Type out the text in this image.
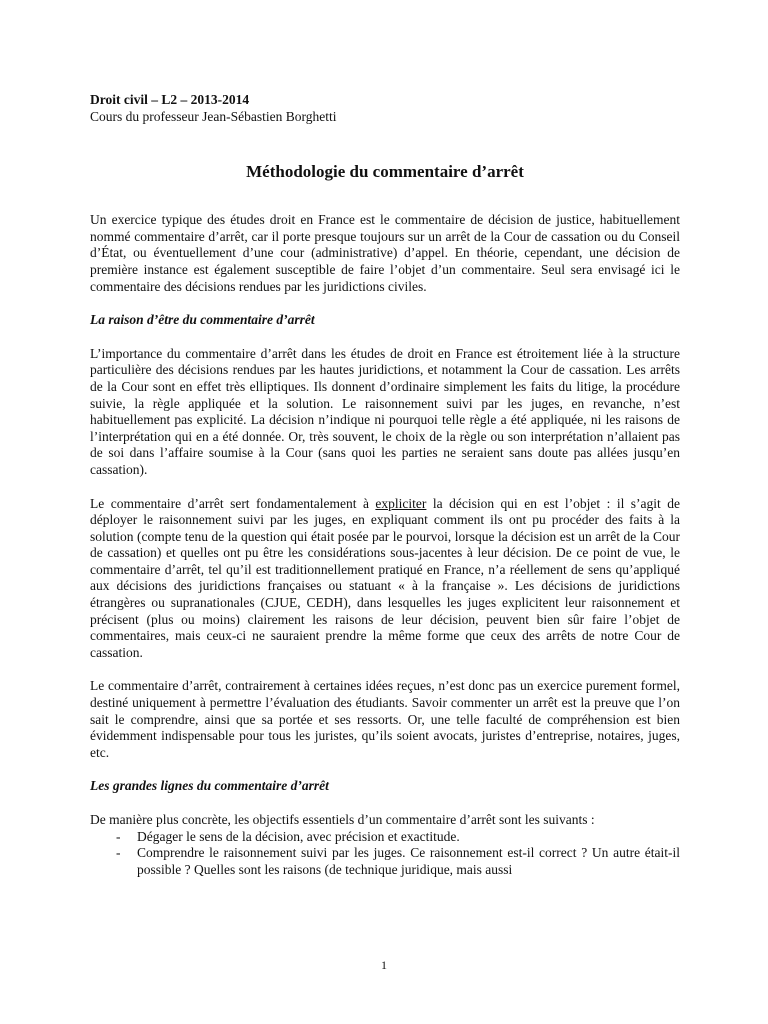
Droit civil – L2 – 2013-2014

Cours du professeur Jean-Sébastien Borghetti

Méthodologie du commentaire d’arrêt

Un exercice typique des études droit en France est le commentaire de décision de justice, habituellement nommé commentaire d’arrêt, car il porte presque toujours sur un arrêt de la Cour de cassation ou du Conseil d’État, ou éventuellement d’une cour (administrative) d’appel. En théorie, cependant, une décision de première instance est également susceptible de faire l’objet d’un commentaire. Seul sera envisagé ici le commentaire des décisions rendues par les juridictions civiles.

La raison d’être du commentaire d’arrêt

L’importance du commentaire d’arrêt dans les études de droit en France est étroitement liée à la structure particulière des décisions rendues par les hautes juridictions, et notamment la Cour de cassation. Les arrêts de la Cour sont en effet très elliptiques. Ils donnent d’ordinaire simplement les faits du litige, la procédure suivie, la règle appliquée et la solution. Le raisonnement suivi par les juges, en revanche, n’est habituellement pas explicité. La décision n’indique ni pourquoi telle règle a été appliquée, ni les raisons de l’interprétation qui en a été donnée. Or, très souvent, le choix de la règle ou son interprétation n’allaient pas de soi dans l’affaire soumise à la Cour (sans quoi les parties ne seraient sans doute pas allées jusqu’en cassation).

Le commentaire d’arrêt sert fondamentalement à expliciter la décision qui en est l’objet : il s’agit de déployer le raisonnement suivi par les juges, en expliquant comment ils ont pu procéder des faits à la solution (compte tenu de la question qui était posée par le pourvoi, lorsque la décision est un arrêt de la Cour de cassation) et quelles ont pu être les considérations sous-jacentes à leur décision. De ce point de vue, le commentaire d’arrêt, tel qu’il est traditionnellement pratiqué en France, n’a réellement de sens qu’appliqué aux décisions des juridictions françaises ou statuant « à la française ». Les décisions de juridictions étrangères ou supranationales (CJUE, CEDH), dans lesquelles les juges explicitent leur raisonnement et précisent (plus ou moins) clairement les raisons de leur décision, peuvent bien sûr faire l’objet de commentaires, mais ceux-ci ne sauraient prendre la même forme que ceux des arrêts de notre Cour de cassation.

Le commentaire d’arrêt, contrairement à certaines idées reçues, n’est donc pas un exercice purement formel, destiné uniquement à permettre l’évaluation des étudiants. Savoir commenter un arrêt est la preuve que l’on sait le comprendre, ainsi que sa portée et ses ressorts. Or, une telle faculté de compréhension est bien évidemment indispensable pour tous les juristes, qu’ils soient avocats, juristes d’entreprise, notaires, juges, etc.

Les grandes lignes du commentaire d’arrêt

De manière plus concrète, les objectifs essentiels d’un commentaire d’arrêt sont les suivants :

- Dégager le sens de la décision, avec précision et exactitude.
- Comprendre le raisonnement suivi par les juges. Ce raisonnement est-il correct ? Un autre était-il possible ? Quelles sont les raisons (de technique juridique, mais aussi
1
